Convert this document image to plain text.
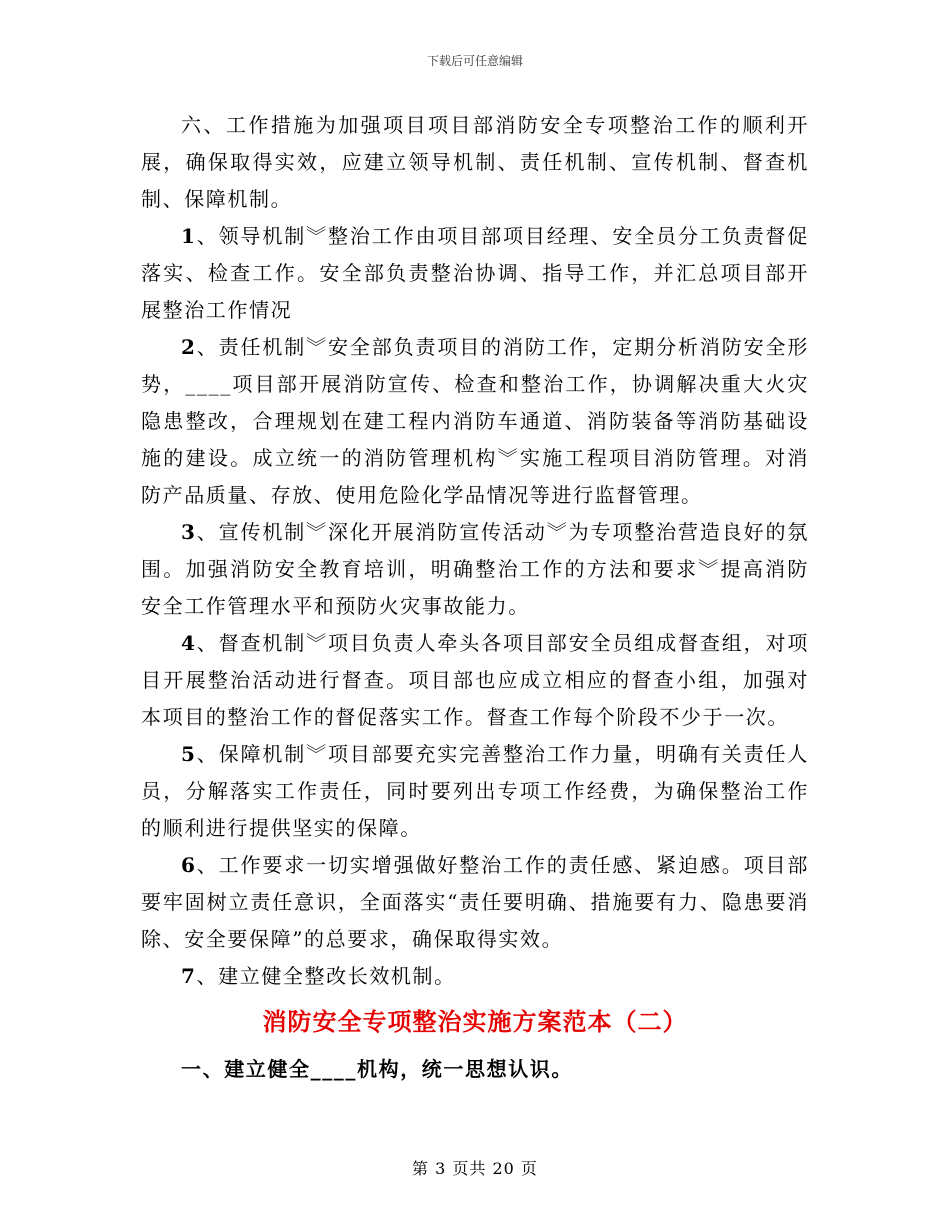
下载后可任意编辑

六、工作措施为加强项目项目部消防安全专项整治工作的顺利开展，确保取得实效，应建立领导机制、责任机制、宣传机制、督查机制、保障机制。

1、领导机制︾整治工作由项目部项目经理、安全员分工负责督促落实、检查工作。安全部负责整治协调、指导工作，并汇总项目部开展整治工作情况

2、责任机制︾安全部负责项目的消防工作，定期分析消防安全形势，____项目部开展消防宣传、检查和整治工作，协调解决重大火灾隐患整改，合理规划在建工程内消防车通道、消防装备等消防基础设施的建设。成立统一的消防管理机构︾实施工程项目消防管理。对消防产品质量、存放、使用危险化学品情况等进行监督管理。

3、宣传机制︾深化开展消防宣传活动︾为专项整治营造良好的氛围。加强消防安全教育培训，明确整治工作的方法和要求︾提高消防安全工作管理水平和预防火灾事故能力。

4、督查机制︾项目负责人牵头各项目部安全员组成督查组，对项目开展整治活动进行督查。项目部也应成立相应的督查小组，加强对本项目的整治工作的督促落实工作。督查工作每个阶段不少于一次。

5、保障机制︾项目部要充实完善整治工作力量，明确有关责任人员，分解落实工作责任，同时要列出专项工作经费，为确保整治工作的顺利进行提供坚实的保障。

6、工作要求一切实增强做好整治工作的责任感、紧迫感。项目部要牢固树立责任意识，全面落实“责任要明确、措施要有力、隐患要消除、安全要保障”的总要求，确保取得实效。

7、建立健全整改长效机制。

消防安全专项整治实施方案范本（二）

一、建立健全____机构，统一思想认识。

第 3 页共 20 页
